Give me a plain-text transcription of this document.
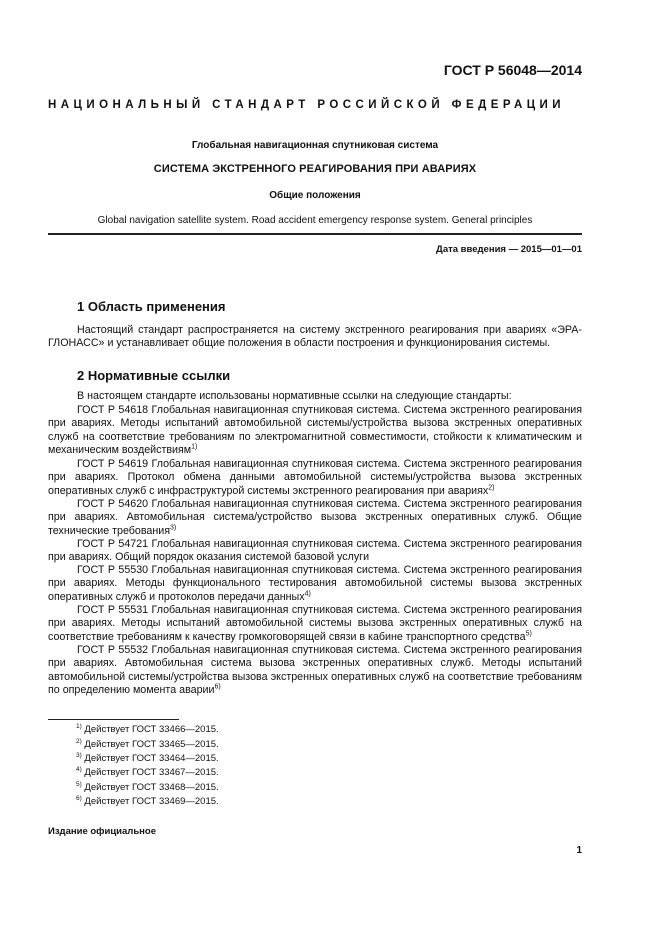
ГОСТ Р 56048—2014
НАЦИОНАЛЬНЫЙ СТАНДАРТ РОССИЙСКОЙ ФЕДЕРАЦИИ
Глобальная навигационная спутниковая система
СИСТЕМА ЭКСТРЕННОГО РЕАГИРОВАНИЯ ПРИ АВАРИЯХ
Общие положения
Global navigation satellite system. Road accident emergency response system. General principles
Дата введения — 2015—01—01
1 Область применения
Настоящий стандарт распространяется на систему экстренного реагирования при авариях «ЭРА-ГЛОНАСС» и устанавливает общие положения в области построения и функционирования системы.
2 Нормативные ссылки
В настоящем стандарте использованы нормативные ссылки на следующие стандарты:
ГОСТ Р 54618 Глобальная навигационная спутниковая система. Система экстренного реагирования при авариях. Методы испытаний автомобильной системы/устройства вызова экстренных оперативных служб на соответствие требованиям по электромагнитной совместимости, стойкости к климатическим и механическим воздействиям$^{1)}$
ГОСТ Р 54619 Глобальная навигационная спутниковая система. Система экстренного реагирования при авариях. Протокол обмена данными автомобильной системы/устройства вызова экстренных оперативных служб с инфраструктурой системы экстренного реагирования при авариях$^{2)}$
ГОСТ Р 54620 Глобальная навигационная спутниковая система. Система экстренного реагирования при авариях. Автомобильная система/устройство вызова экстренных оперативных служб. Общие технические требования$^{3)}$
ГОСТ Р 54721 Глобальная навигационная спутниковая система. Система экстренного реагирования при авариях. Общий порядок оказания системой базовой услуги
ГОСТ Р 55530 Глобальная навигационная спутниковая система. Система экстренного реагирования при авариях. Методы функционального тестирования автомобильной системы вызова экстренных оперативных служб и протоколов передачи данных$^{4)}$
ГОСТ Р 55531 Глобальная навигационная спутниковая система. Система экстренного реагирования при авариях. Методы испытаний автомобильной системы вызова экстренных оперативных служб на соответствие требованиям к качеству громкоговорящей связи в кабине транспортного средства$^{5)}$
ГОСТ Р 55532 Глобальная навигационная спутниковая система. Система экстренного реагирования при авариях. Автомобильная система вызова экстренных оперативных служб. Методы испытаний автомобильной системы/устройства вызова экстренных оперативных служб на соответствие требованиям по определению момента аварии$^{6)}$
$^{1)}$ Действует ГОСТ 33466—2015.
$^{2)}$ Действует ГОСТ 33465—2015.
$^{3)}$ Действует ГОСТ 33464—2015.
$^{4)}$ Действует ГОСТ 33467—2015.
$^{5)}$ Действует ГОСТ 33468—2015.
$^{6)}$ Действует ГОСТ 33469—2015.
Издание официальное
1
